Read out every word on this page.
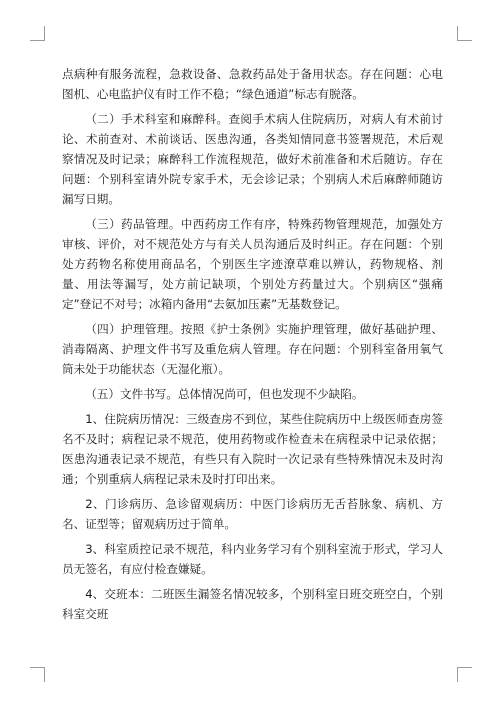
点病种有服务流程，急救设备、急救药品处于备用状态。存在问题：心电图机、心电监护仪有时工作不稳；“绿色通道”标志有脱落。

（二）手术科室和麻醉科。查阅手术病人住院病历，对病人有术前讨论、术前查对、术前谈话、医患沟通，各类知情同意书签署规范，术后观察情况及时记录；麻醉科工作流程规范，做好术前准备和术后随访。存在问题：个别科室请外院专家手术，无会诊记录；个别病人术后麻醉师随访漏写日期。

（三）药品管理。中西药房工作有序，特殊药物管理规范，加强处方审核、评价，对不规范处方与有关人员沟通后及时纠正。存在问题：个别处方药物名称使用商品名，个别医生字迹潦草难以辨认，药物规格、剂量、用法等漏写，处方前记缺项，个别处方药量过大。个别病区“强痛定”登记不对号；冰箱内备用“去氨加压素”无基数登记。

（四）护理管理。按照《护士条例》实施护理管理，做好基础护理、消毒隔离、护理文件书写及重危病人管理。存在问题：个别科室备用氧气筒未处于功能状态（无湿化瓶）。

（五）文件书写。总体情况尚可，但也发现不少缺陷。

1、住院病历情况：三级查房不到位，某些住院病历中上级医师查房签名不及时；病程记录不规范，使用药物或作检查未在病程录中记录依据；医患沟通表记录不规范，有些只有入院时一次记录有些特殊情况未及时沟通；个别重病人病程记录未及时打印出来。

2、门诊病历、急诊留观病历：中医门诊病历无舌苔脉象、病机、方名、证型等；留观病历过于简单。

3、科室质控记录不规范，科内业务学习有个别科室流于形式，学习人员无签名，有应付检查嫌疑。

4、交班本：二班医生漏签名情况较多，个别科室日班交班空白，个别科室交班
